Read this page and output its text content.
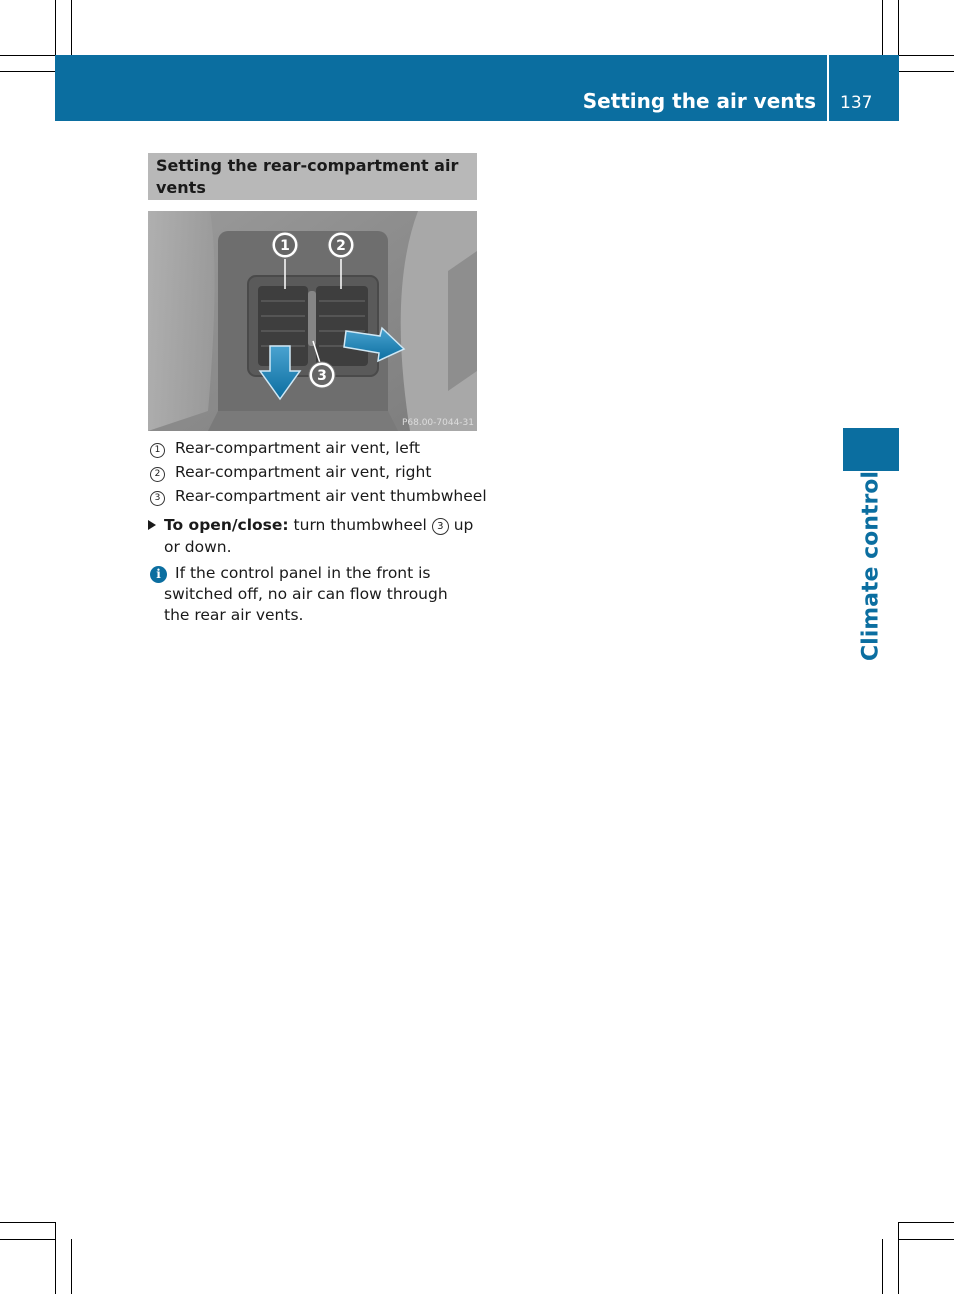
Setting the air vents 137
Climate control
Setting the rear-compartment air vents
1	2
3
P68.00-7044-31
1 Rear-compartment air vent, left
2 Rear-compartment air vent, right
3 Rear-compartment air vent thumbwheel
To open/close: turn thumbwheel 3 up or down.
i If the control panel in the front is switched off, no air can flow through the rear air vents.
